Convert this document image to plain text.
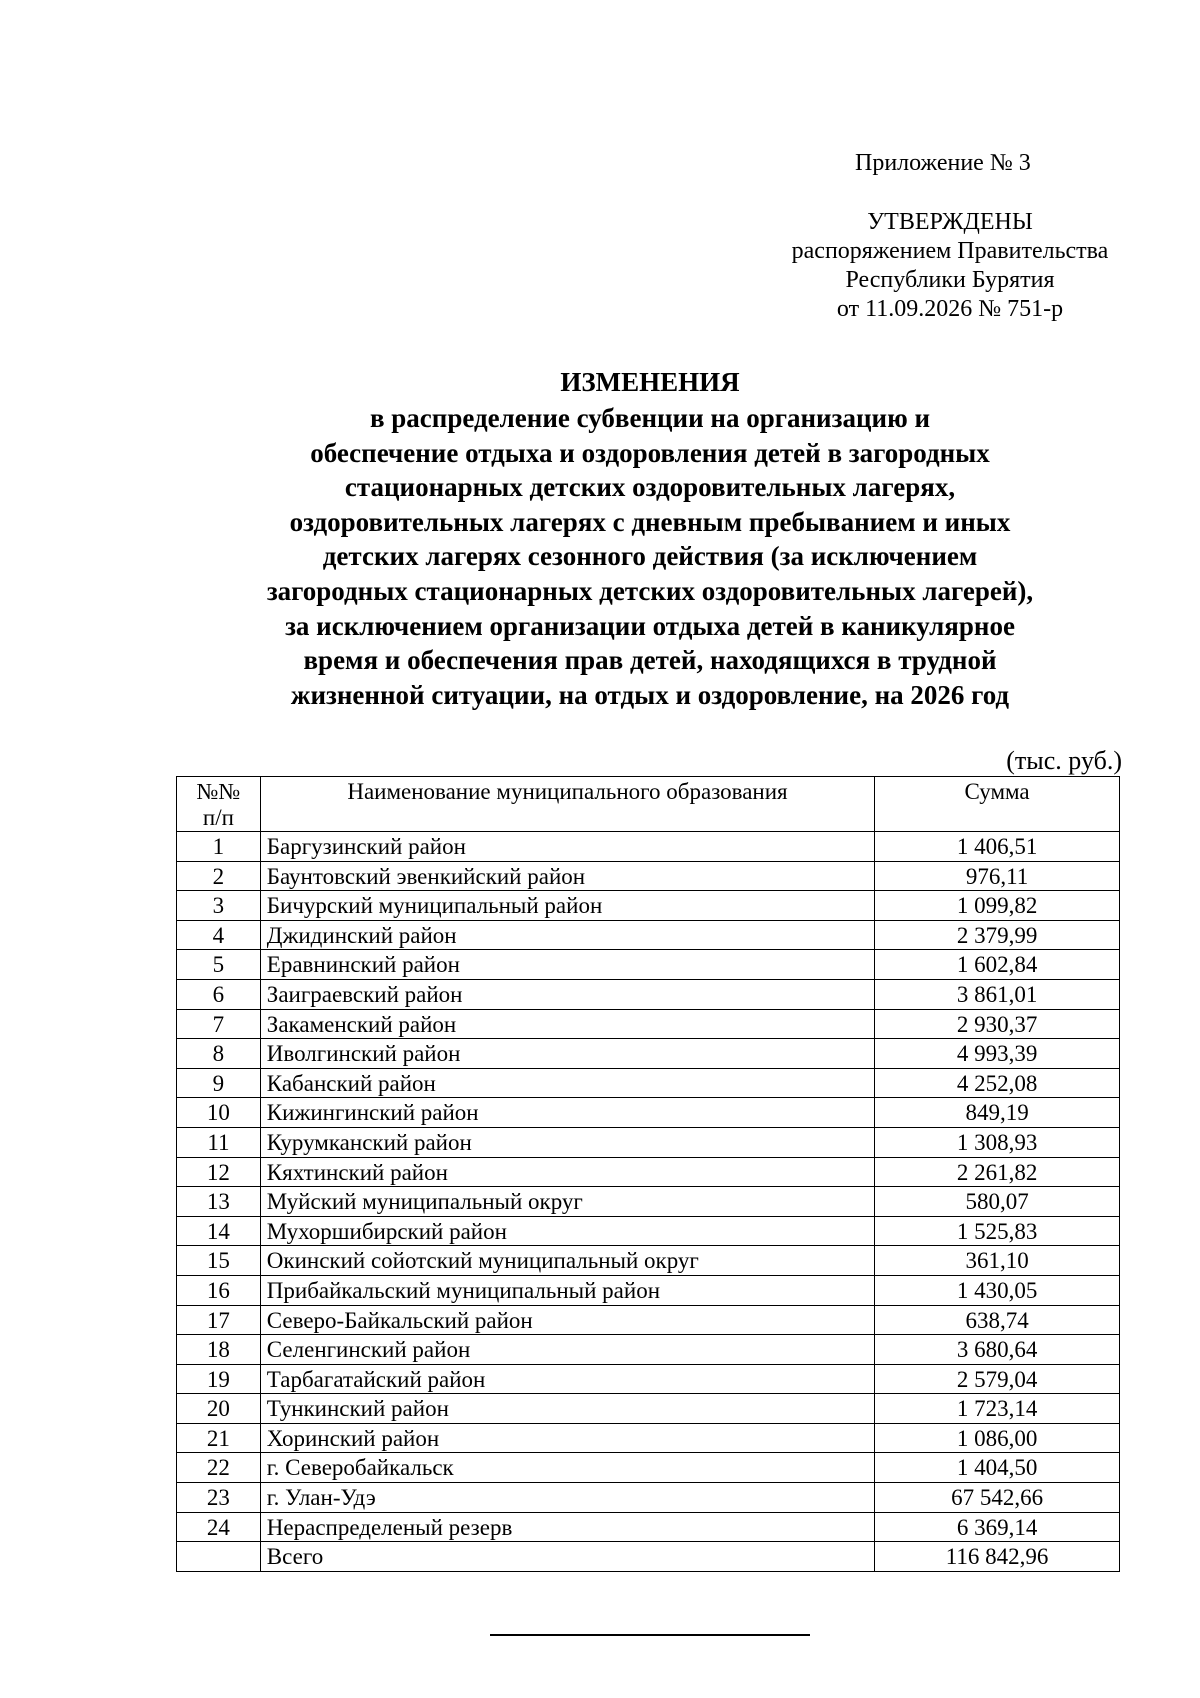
Приложение № 3
УТВЕРЖДЕНЫ
распоряжением Правительства
Республики Бурятия
от 11.09.2026 № 751-р
ИЗМЕНЕНИЯ
в распределение субвенции на организацию и
обеспечение отдыха и оздоровления детей в загородных
стационарных детских оздоровительных лагерях,
оздоровительных лагерях с дневным пребыванием и иных
детских лагерях сезонного действия (за исключением
загородных стационарных детских оздоровительных лагерей),
за исключением организации отдыха детей в каникулярное
время и обеспечения прав детей, находящихся в трудной
жизненной ситуации, на отдых и оздоровление, на 2026 год
(тыс. руб.)
№№
п/п	Наименование муниципального образования	Сумма
1	Баргузинский район	1 406,51
2	Баунтовский эвенкийский район	976,11
3	Бичурский муниципальный район	1 099,82
4	Джидинский район	2 379,99
5	Еравнинский район	1 602,84
6	Заиграевский район	3 861,01
7	Закаменский район	2 930,37
8	Иволгинский район	4 993,39
9	Кабанский район	4 252,08
10	Кижингинский район	849,19
11	Курумканский район	1 308,93
12	Кяхтинский район	2 261,82
13	Муйский муниципальный округ	580,07
14	Мухоршибирский район	1 525,83
15	Окинский сойотский муниципальный округ	361,10
16	Прибайкальский муниципальный район	1 430,05
17	Северо-Байкальский район	638,74
18	Селенгинский район	3 680,64
19	Тарбагатайский район	2 579,04
20	Тункинский район	1 723,14
21	Хоринский район	1 086,00
22	г. Северобайкальск	1 404,50
23	г. Улан-Удэ	67 542,66
24	Нераспределеный резерв	6 369,14
	Всего	116 842,96
